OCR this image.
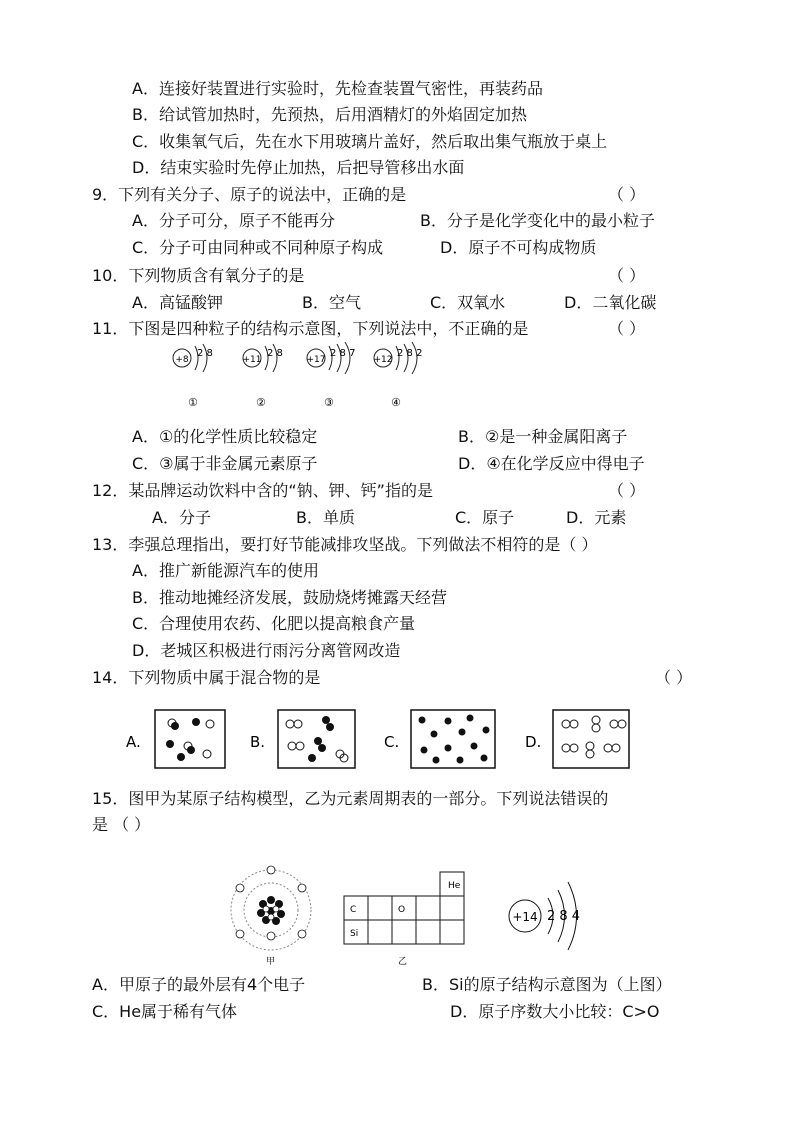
A．连接好装置进行实验时，先检查装置气密性，再装药品
B．给试管加热时，先预热，后用酒精灯的外焰固定加热
C．收集氧气后，先在水下用玻璃片盖好，然后取出集气瓶放于桌上
D．结束实验时先停止加热，后把导管移出水面
9．下列有关分子、原子的说法中，正确的是	（ ）
A．分子可分，原子不能再分	B．分子是化学变化中的最小粒子
C．分子可由同种或不同种原子构成	D．原子不可构成物质
10．下列物质含有氧分子的是	（ ）
A．高锰酸钾	B．空气	C．双氧水	D．二氧化碳
11．下图是四种粒子的结构示意图，下列说法中，不正确的是	（ ）
+8
2 8
①
+11
2 8
②
+17
2 8 7
③
+12
2 8 2
④
A．①的化学性质比较稳定	B．②是一种金属阳离子
C．③属于非金属元素原子	D．④在化学反应中得电子
12．某品牌运动饮料中含的“钠、钾、钙”指的是	（ ）
A．分子	B．单质	C．原子	D．元素
13．李强总理指出，要打好节能减排攻坚战。下列做法不相符的是（ ）
A．推广新能源汽车的使用
B．推动地摊经济发展，鼓励烧烤摊露天经营
C．合理使用农药、化肥以提高粮食产量
D．老城区积极进行雨污分离管网改造
14．下列物质中属于混合物的是	（ ）
A.	B.	C.	D.
15．图甲为某原子结构模型，乙为元素周期表的一部分。下列说法错误的
是 （ ）
甲
He
C	O
Si
乙
+14 2 8 4
A．甲原子的最外层有4个电子	B．Si的原子结构示意图为（上图）
C．He属于稀有气体	D．原子序数大小比较：C>O
